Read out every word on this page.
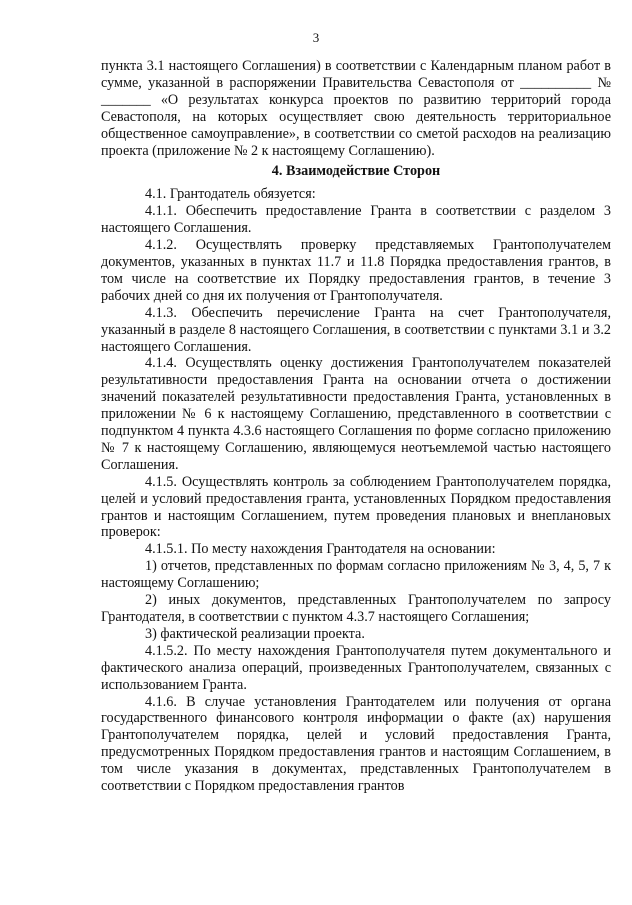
3

пункта 3.1 настоящего Соглашения) в соответствии с Календарным планом работ в сумме, указанной в распоряжении Правительства Севастополя от __________ № _______ «О результатах конкурса проектов по развитию территорий города Севастополя, на которых осуществляет свою деятельность территориальное общественное самоуправление», в соответствии со сметой расходов на реализацию проекта (приложение № 2 к настоящему Соглашению).

4. Взаимодействие Сторон

4.1. Грантодатель обязуется:

4.1.1. Обеспечить предоставление Гранта в соответствии с разделом 3 настоящего Соглашения.

4.1.2. Осуществлять проверку представляемых Грантополучателем документов, указанных в пунктах 11.7 и 11.8 Порядка предоставления грантов, в том числе на соответствие их Порядку предоставления грантов, в течение 3 рабочих дней со дня их получения от Грантополучателя.

4.1.3. Обеспечить перечисление Гранта на счет Грантополучателя, указанный в разделе 8 настоящего Соглашения, в соответствии с пунктами 3.1 и 3.2 настоящего Соглашения.

4.1.4. Осуществлять оценку достижения Грантополучателем показателей результативности предоставления Гранта на основании отчета о достижении значений показателей результативности предоставления Гранта, установленных в приложении № 6 к настоящему Соглашению, представленного в соответствии с подпунктом 4 пункта 4.3.6 настоящего Соглашения по форме согласно приложению № 7 к настоящему Соглашению, являющемуся неотъемлемой частью настоящего Соглашения.

4.1.5. Осуществлять контроль за соблюдением Грантополучателем порядка, целей и условий предоставления гранта, установленных Порядком предоставления грантов и настоящим Соглашением, путем проведения плановых и внеплановых проверок:

4.1.5.1. По месту нахождения Грантодателя на основании:

1) отчетов, представленных по формам согласно приложениям № 3, 4, 5, 7 к настоящему Соглашению;

2) иных документов, представленных Грантополучателем по запросу Грантодателя, в соответствии с пунктом 4.3.7 настоящего Соглашения;

3) фактической реализации проекта.

4.1.5.2. По месту нахождения Грантополучателя путем документального и фактического анализа операций, произведенных Грантополучателем, связанных с использованием Гранта.

4.1.6. В случае установления Грантодателем или получения от органа государственного финансового контроля информации о факте (ах) нарушения Грантополучателем порядка, целей и условий предоставления Гранта, предусмотренных Порядком предоставления грантов и настоящим Соглашением, в том числе указания в документах, представленных Грантополучателем в соответствии с Порядком предоставления грантов
